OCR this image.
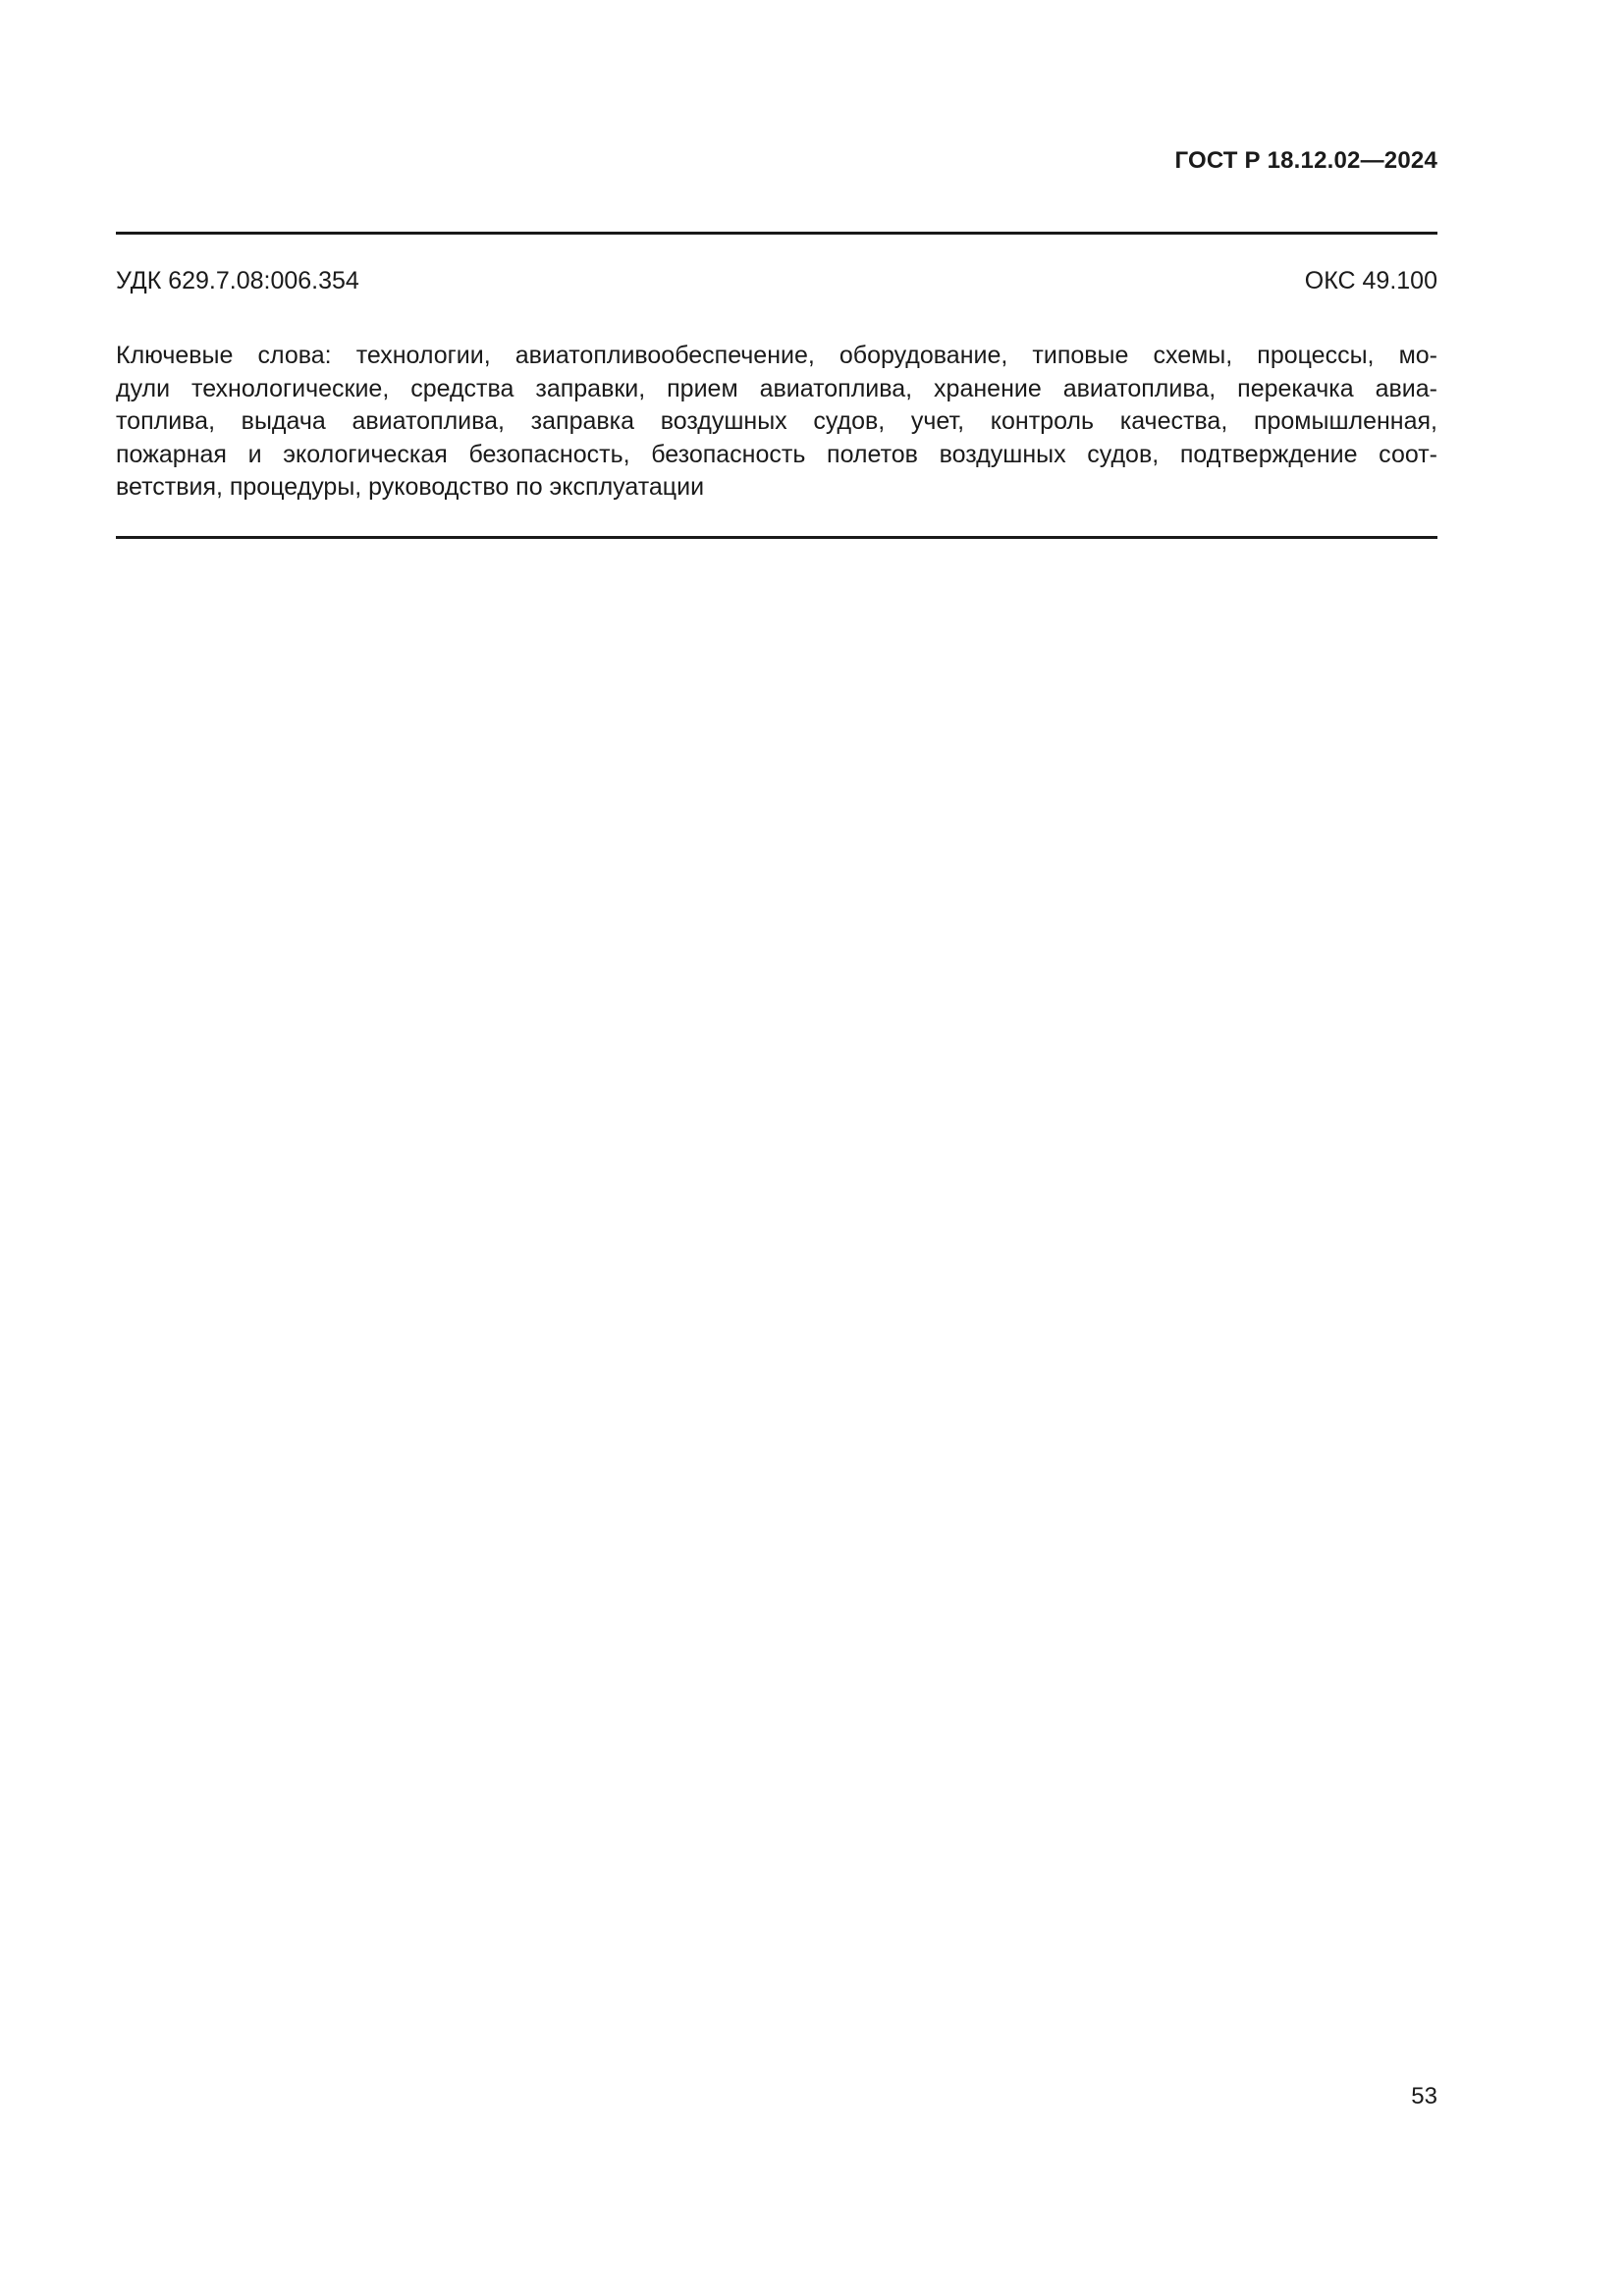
ГОСТ Р 18.12.02—2024
УДК 629.7.08:006.354	ОКС 49.100
Ключевые слова: технологии, авиатопливообеспечение, оборудование, типовые схемы, процессы, мо-
дули технологические, средства заправки, прием авиатоплива, хранение авиатоплива, перекачка авиа-
топлива, выдача авиатоплива, заправка воздушных судов, учет, контроль качества, промышленная,
пожарная и экологическая безопасность, безопасность полетов воздушных судов, подтверждение соот-
ветствия, процедуры, руководство по эксплуатации
53
